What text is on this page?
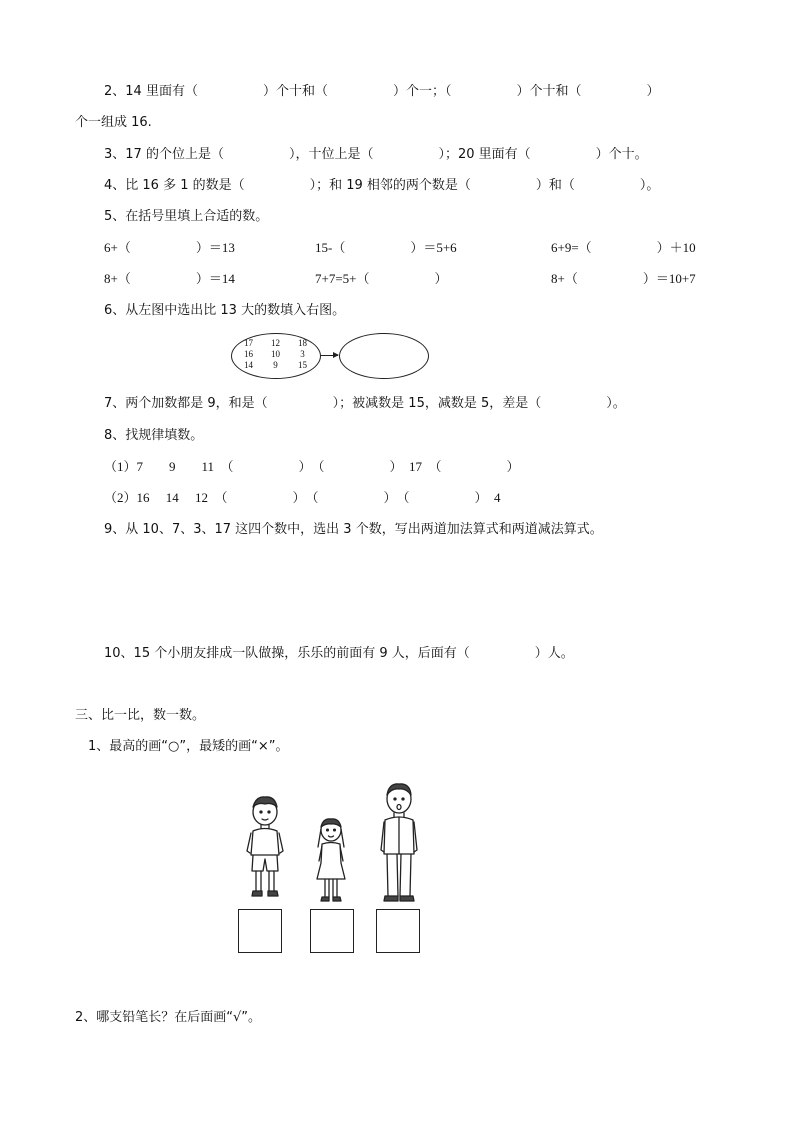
2、14 里面有（　　　　　）个十和（　　　　　）个一；（　　　　　）个十和（　　　　　）
个一组成 16.
3、17 的个位上是（　　　　　），十位上是（　　　　　）；20 里面有（　　　　　）个十。
4、比 16 多 1 的数是（　　　　　）；和 19 相邻的两个数是（　　　　　）和（　　　　　）。
5、在括号里填上合适的数。
6+（　　　　　）＝13	15-（　　　　　）＝5+6	6+9=（　　　　　）＋10
8+（　　　　　）＝14	7+7=5+（　　　　　）	8+（　　　　　）＝10+7
6、从左图中选出比 13 大的数填入右图。
17	12	18
16	10	3
14	9	15
7、两个加数都是 9，和是（　　　　　）；被减数是 15，减数是 5，差是（　　　　　）。
8、找规律填数。
（1）7　　9　　11　（　　　　　）　（　　　　　）　17　（　　　　　）
（2）16　 14　 12　（　　　　　）　（　　　　　）　（　　　　　）　4
9、从 10、7、3、17 这四个数中，选出 3 个数，写出两道加法算式和两道减法算式。
10、15 个小朋友排成一队做操，乐乐的前面有 9 人，后面有（　　　　　）人。
三、比一比，数一数。
1、最高的画“○”，最矮的画“×”。
2、哪支铅笔长？在后面画“√”。
